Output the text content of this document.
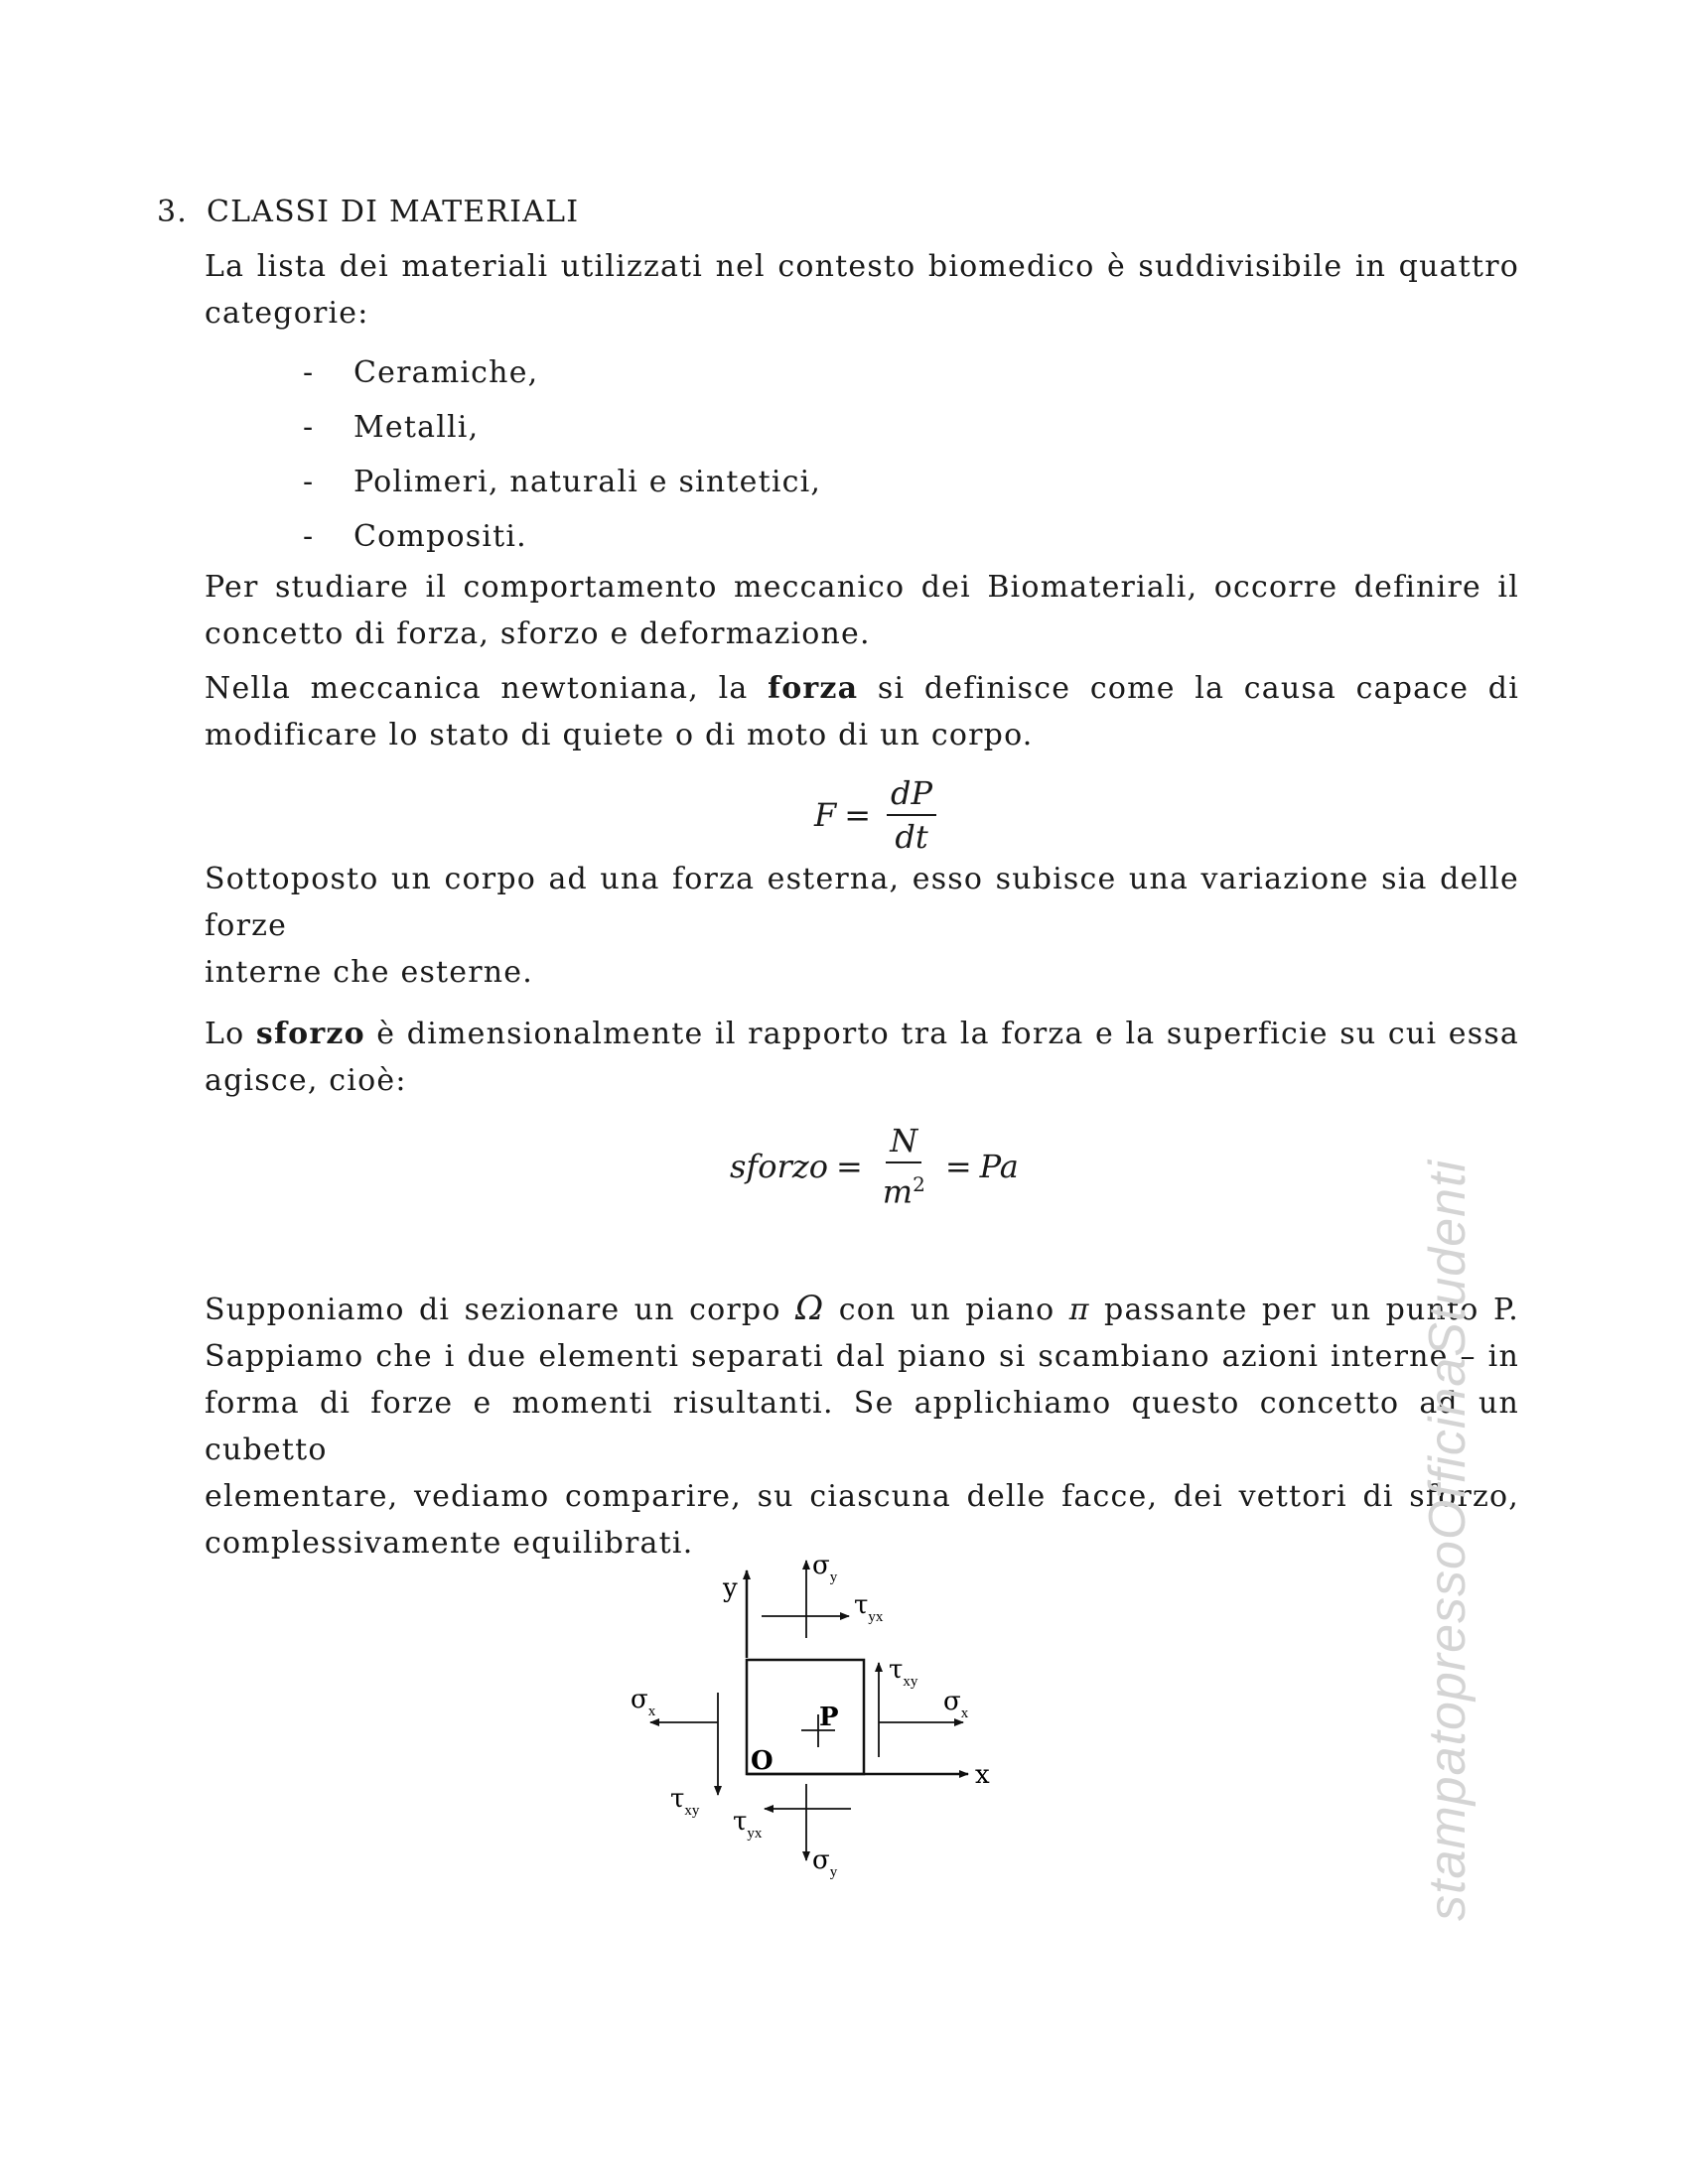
3. CLASSI DI MATERIALI
La lista dei materiali utilizzati nel contesto biomedico è suddivisibile in quattro
categorie:
- Ceramiche,
- Metalli,
- Polimeri, naturali e sintetici,
- Compositi.
Per studiare il comportamento meccanico dei Biomateriali, occorre definire il
concetto di forza, sforzo e deformazione.
Nella meccanica newtoniana, la forza si definisce come la causa capace di
modificare lo stato di quiete o di moto di un corpo.
$F = \frac{dP}{dt}$
Sottoposto un corpo ad una forza esterna, esso subisce una variazione sia delle forze
interne che esterne.
Lo sforzo è dimensionalmente il rapporto tra la forza e la superficie su cui essa
agisce, cioè:
sforzo = $\frac{N}{m^2} = Pa$
Supponiamo di sezionare un corpo Ω con un piano π passante per un punto P.
Sappiamo che i due elementi separati dal piano si scambiano azioni interne – in
forma di forze e momenti risultanti. Se applichiamo questo concetto ad un cubetto
elementare, vediamo comparire, su ciascuna delle facce, dei vettori di sforzo,
complessivamente equilibrati.
y
x
O
P
σy
τyx
τxy
σx
σx
τxy τyx
σy	stampatopressoOfficinaStudenti
